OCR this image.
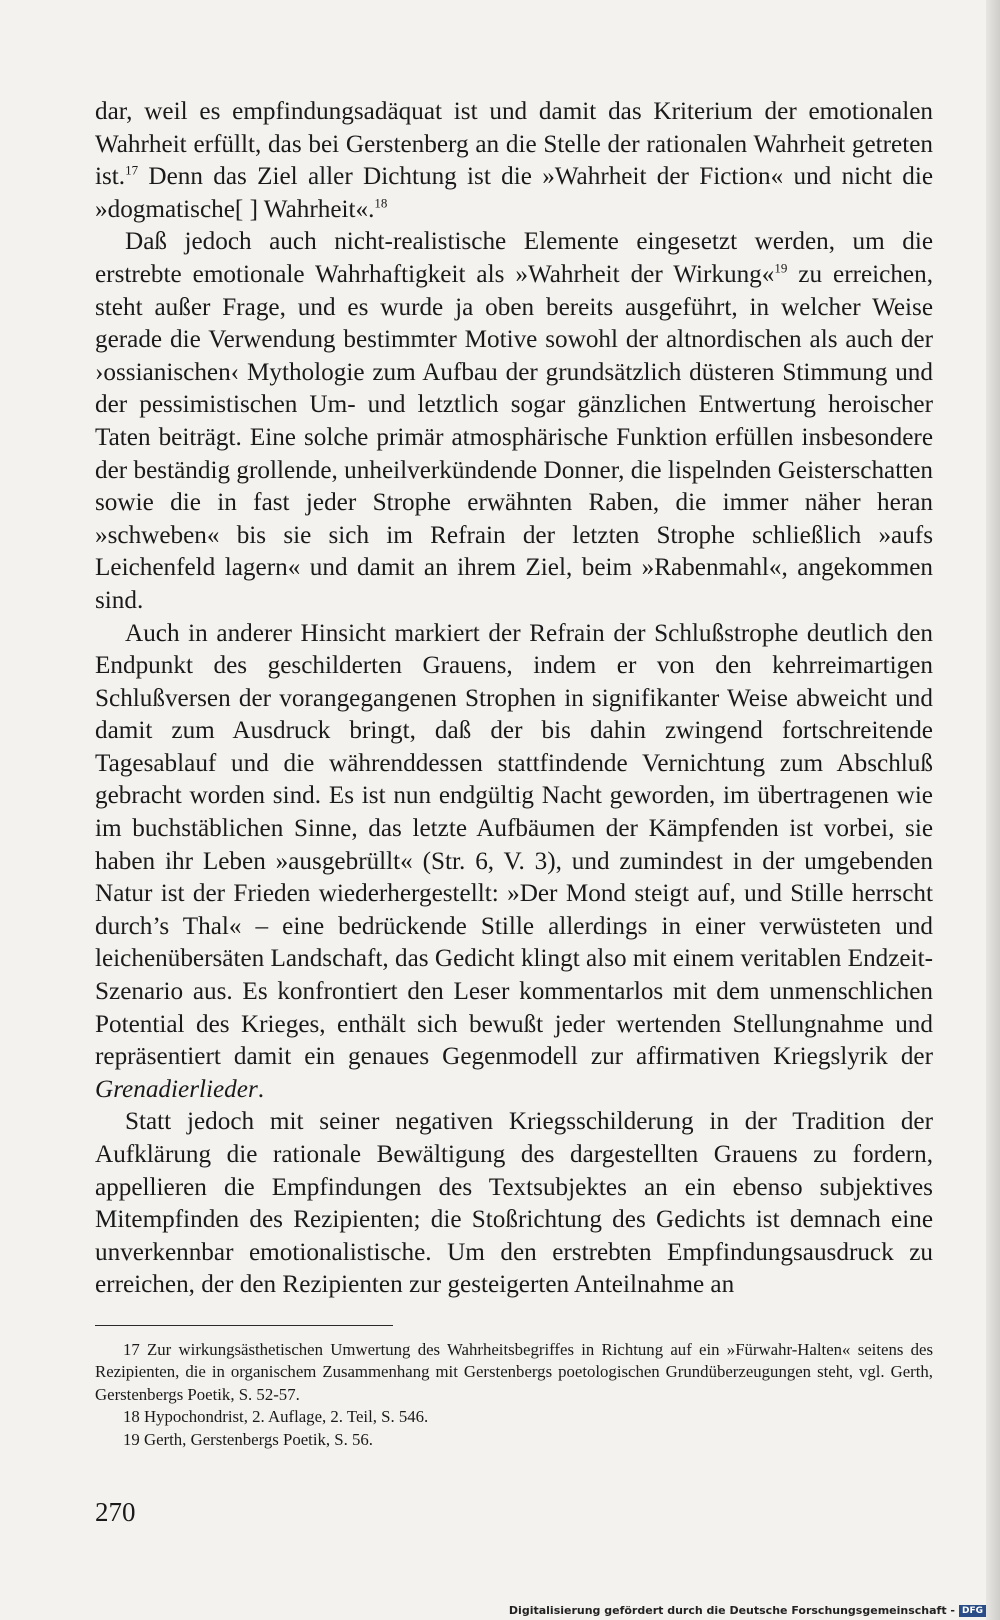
dar, weil es empfindungsadäquat ist und damit das Kriterium der emotionalen Wahrheit erfüllt, das bei Gerstenberg an die Stelle der rationalen Wahrheit getreten ist.$^{17}$ Denn das Ziel aller Dichtung ist die »Wahrheit der Fiction« und nicht die »dogmatische[ ] Wahrheit«.$^{18}$

Daß jedoch auch nicht-realistische Elemente eingesetzt werden, um die erstrebte emotionale Wahrhaftigkeit als »Wahrheit der Wirkung«$^{19}$ zu erreichen, steht außer Frage, und es wurde ja oben bereits ausgeführt, in welcher Weise gerade die Verwendung bestimmter Motive sowohl der altnordischen als auch der ›ossianischen‹ Mythologie zum Aufbau der grundsätzlich düsteren Stimmung und der pessimistischen Um- und letztlich sogar gänzlichen Entwertung heroischer Taten beiträgt. Eine solche primär atmosphärische Funktion erfüllen insbesondere der beständig grollende, unheilverkündende Donner, die lispelnden Geisterschatten sowie die in fast jeder Strophe erwähnten Raben, die immer näher heran »schweben« bis sie sich im Refrain der letzten Strophe schließlich »aufs Leichenfeld lagern« und damit an ihrem Ziel, beim »Rabenmahl«, angekommen sind.

Auch in anderer Hinsicht markiert der Refrain der Schlußstrophe deutlich den Endpunkt des geschilderten Grauens, indem er von den kehrreimartigen Schlußversen der vorangegangenen Strophen in signifikanter Weise abweicht und damit zum Ausdruck bringt, daß der bis dahin zwingend fortschreitende Tagesablauf und die währenddessen stattfindende Vernichtung zum Abschluß gebracht worden sind. Es ist nun endgültig Nacht geworden, im übertragenen wie im buchstäblichen Sinne, das letzte Aufbäumen der Kämpfenden ist vorbei, sie haben ihr Leben »ausgebrüllt« (Str. 6, V. 3), und zumindest in der umgebenden Natur ist der Frieden wiederhergestellt: »Der Mond steigt auf, und Stille herrscht durch’s Thal« – eine bedrückende Stille allerdings in einer verwüsteten und leichenübersäten Landschaft, das Gedicht klingt also mit einem veritablen Endzeit-Szenario aus. Es konfrontiert den Leser kommentarlos mit dem unmenschlichen Potential des Krieges, enthält sich bewußt jeder wertenden Stellungnahme und repräsentiert damit ein genaues Gegenmodell zur affirmativen Kriegslyrik der Grenadierlieder.

Statt jedoch mit seiner negativen Kriegsschilderung in der Tradition der Aufklärung die rationale Bewältigung des dargestellten Grauens zu fordern, appellieren die Empfindungen des Textsubjektes an ein ebenso subjektives Mitempfinden des Rezipienten; die Stoßrichtung des Gedichts ist demnach eine unverkennbar emotionalistische. Um den erstrebten Empfindungsausdruck zu erreichen, der den Rezipienten zur gesteigerten Anteilnahme an

17 Zur wirkungsästhetischen Umwertung des Wahrheitsbegriffes in Richtung auf ein »Fürwahr-Halten« seitens des Rezipienten, die in organischem Zusammenhang mit Gerstenbergs poetologischen Grundüberzeugungen steht, vgl. Gerth, Gerstenbergs Poetik, S. 52-57.

18 Hypochondrist, 2. Auflage, 2. Teil, S. 546.

19 Gerth, Gerstenbergs Poetik, S. 56.

270
Digitalisierung gefördert durch die Deutsche Forschungsgemeinschaft - DFG
